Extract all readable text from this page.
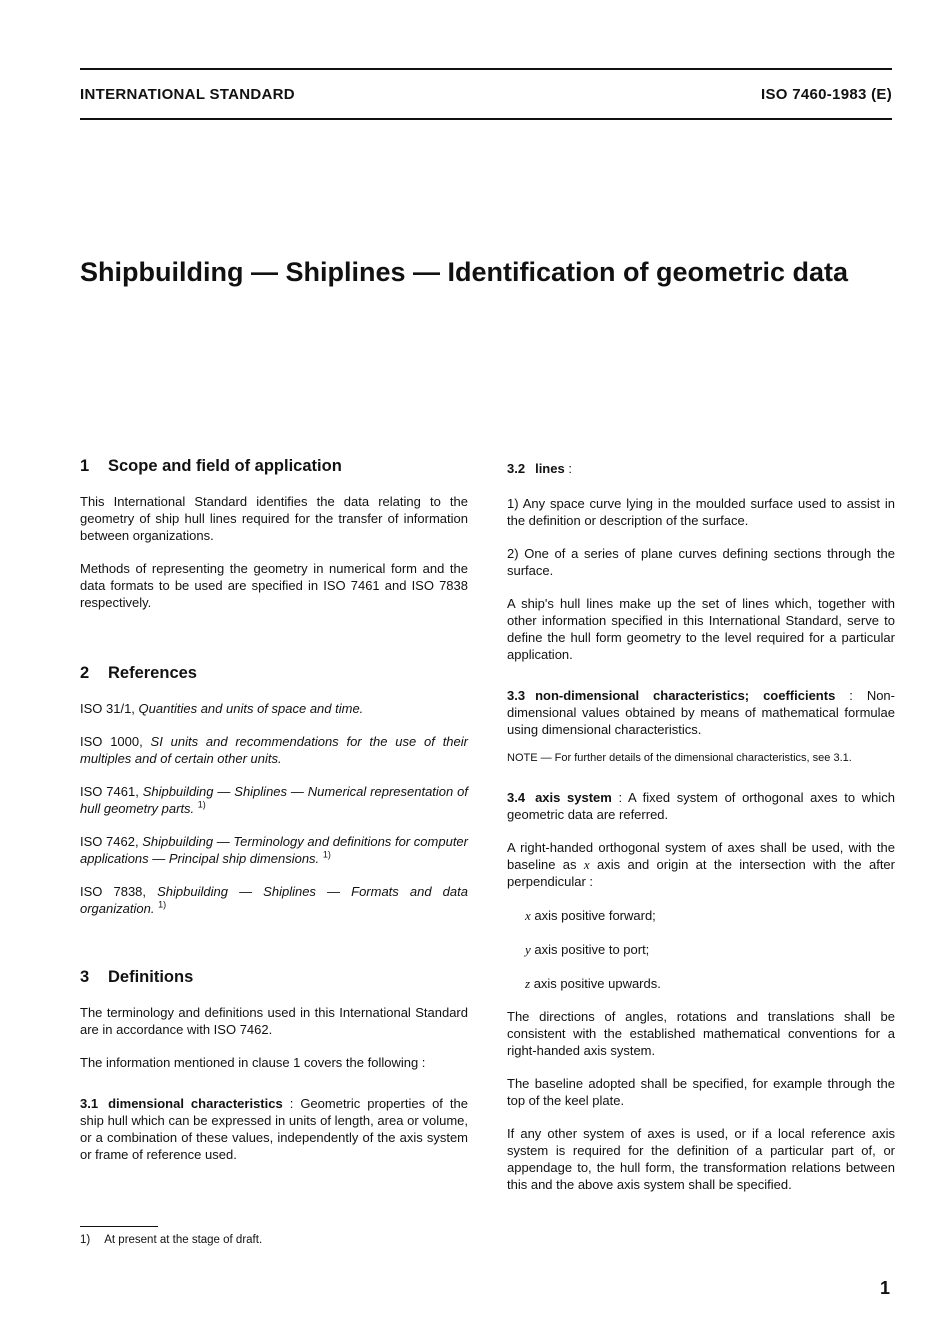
INTERNATIONAL STANDARD	ISO 7460-1983 (E)
Shipbuilding — Shiplines — Identification of geometric data
1 Scope and field of application

This International Standard identifies the data relating to the geometry of ship hull lines required for the transfer of information between organizations.

Methods of representing the geometry in numerical form and the data formats to be used are specified in ISO 7461 and ISO 7838 respectively.

2 References

ISO 31/1, Quantities and units of space and time.

ISO 1000, SI units and recommendations for the use of their multiples and of certain other units.

ISO 7461, Shipbuilding — Shiplines — Numerical representation of hull geometry parts. $^{1)}$

ISO 7462, Shipbuilding — Terminology and definitions for computer applications — Principal ship dimensions. $^{1)}$

ISO 7838, Shipbuilding — Shiplines — Formats and data organization. $^{1)}$

3 Definitions

The terminology and definitions used in this International Standard are in accordance with ISO 7462.

The information mentioned in clause 1 covers the following :

3.1 dimensional characteristics : Geometric properties of the ship hull which can be expressed in units of length, area or volume, or a combination of these values, independently of the axis system or frame of reference used.

3.2 lines :

1) Any space curve lying in the moulded surface used to assist in the definition or description of the surface.

2) One of a series of plane curves defining sections through the surface.

A ship's hull lines make up the set of lines which, together with other information specified in this International Standard, serve to define the hull form geometry to the level required for a particular application.

3.3 non-dimensional characteristics; coefficients : Non-dimensional values obtained by means of mathematical formulae using dimensional characteristics.

NOTE — For further details of the dimensional characteristics, see 3.1.

3.4 axis system : A fixed system of orthogonal axes to which geometric data are referred.

A right-handed orthogonal system of axes shall be used, with the baseline as x axis and origin at the intersection with the after perpendicular :

x axis positive forward;

y axis positive to port;

z axis positive upwards.

The directions of angles, rotations and translations shall be consistent with the established mathematical conventions for a right-handed axis system.

The baseline adopted shall be specified, for example through the top of the keel plate.

If any other system of axes is used, or if a local reference axis system is required for the definition of a particular part of, or appendage to, the hull form, the transformation relations between this and the above axis system shall be specified.

1) At present at the stage of draft.
1
